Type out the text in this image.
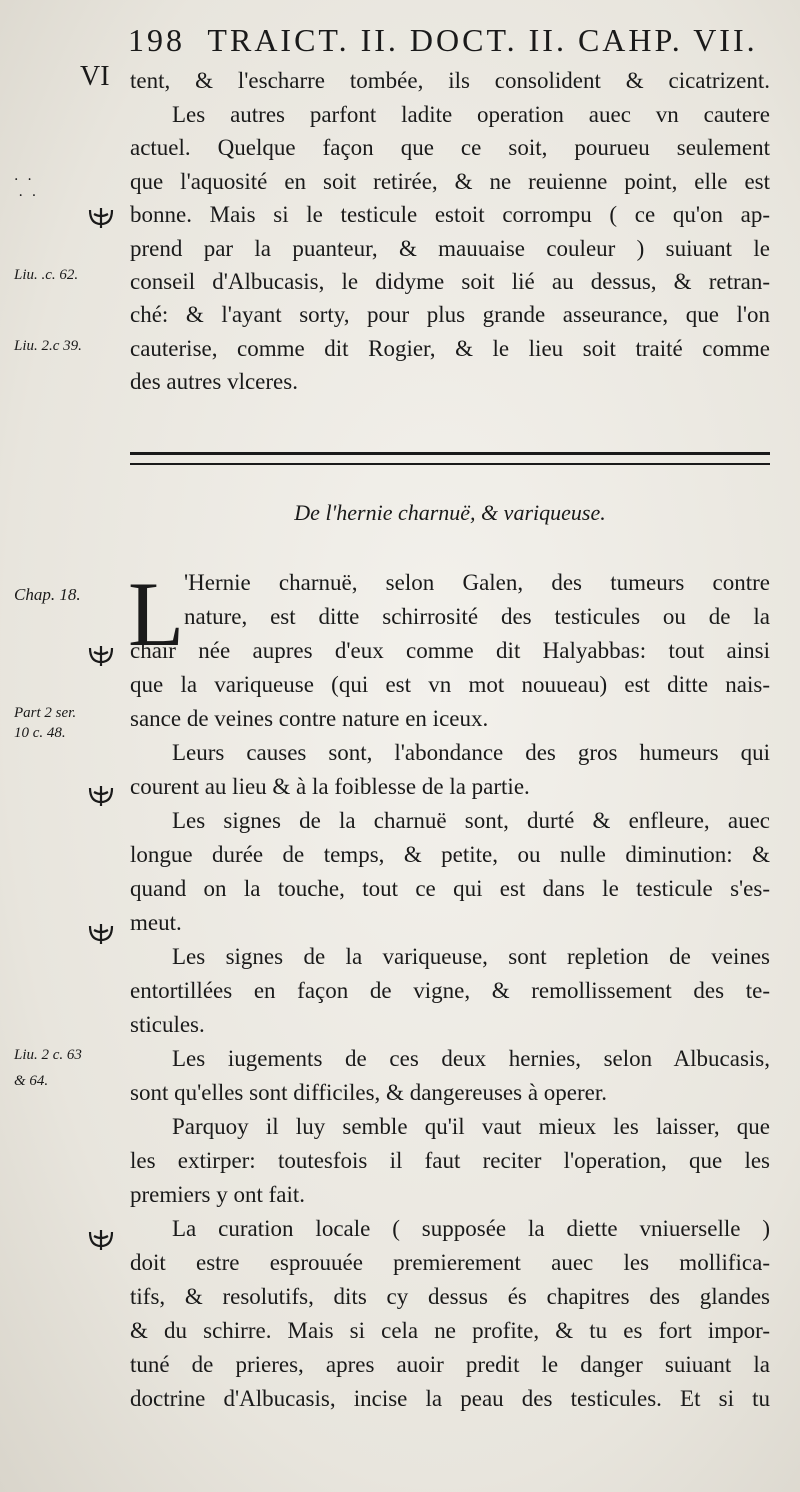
198 TRAICT. II. DOCT. II. CAHP. VII.
VI
·  ·
·  ·
Liu. .c. 62.
Liu. 2.c 39.
Chap. 18.
Part 2 ser.
10 c. 48.
Liu. 2 c. 63
& 64.
tent, & l'escharre tombée, ils consolident & cicatrizent.
Les autres parfont ladite operation auec vn cautere
actuel. Quelque façon que ce soit, pourueu seulement
que l'aquosité en soit retirée, & ne reuienne point, elle est
bonne. Mais si le testicule estoit corrompu ( ce qu'on ap-
prend par la puanteur, & mauuaise couleur ) suiuant le
conseil d'Albucasis, le didyme soit lié au dessus, & retran-
ché: & l'ayant sorty, pour plus grande asseurance, que l'on
cauterise, comme dit Rogier, & le lieu soit traité comme
des autres vlceres.
De l'hernie charnuë, & variqueuse.
L 'Hernie charnuë, selon Galen, des tumeurs contre
nature, est ditte schirrosité des testicules ou de la
chair née aupres d'eux comme dit Halyabbas: tout ainsi
que la variqueuse (qui est vn mot nouueau) est ditte nais-
sance de veines contre nature en iceux.
Leurs causes sont, l'abondance des gros humeurs qui
courent au lieu & à la foiblesse de la partie.
Les signes de la charnuë sont, durté & enfleure, auec
longue durée de temps, & petite, ou nulle diminution: &
quand on la touche, tout ce qui est dans le testicule s'es-
meut.
Les signes de la variqueuse, sont repletion de veines
entortillées en façon de vigne, & remollissement des te-
sticules.
Les iugements de ces deux hernies, selon Albucasis,
sont qu'elles sont difficiles, & dangereuses à operer.
Parquoy il luy semble qu'il vaut mieux les laisser, que
les extirper: toutesfois il faut reciter l'operation, que les
premiers y ont fait.
La curation locale ( supposée la diette vniuerselle )
doit estre esprouuée premierement auec les mollifica-
tifs, & resolutifs, dits cy dessus és chapitres des glandes
& du schirre. Mais si cela ne profite, & tu es fort impor-
tuné de prieres, apres auoir predit le danger suiuant la
doctrine d'Albucasis, incise la peau des testicules. Et si tu
